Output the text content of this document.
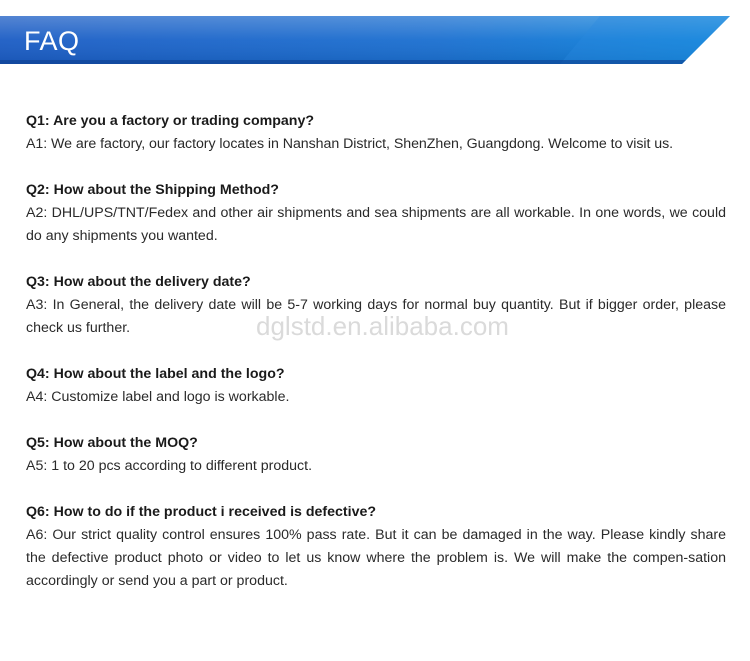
FAQ
Q1: Are you a factory or trading company?
A1: We are factory, our factory locates in Nanshan District, ShenZhen, Guangdong. Welcome to visit us.
Q2: How about the Shipping Method?
A2: DHL/UPS/TNT/Fedex and other air shipments and sea shipments are all workable. In one words, we could do any shipments you wanted.
Q3: How about the delivery date?
A3: In General, the delivery date will be 5-7 working days for normal buy quantity. But if bigger order, please check us further.
Q4: How about the label and the logo?
A4: Customize label and logo is workable.
Q5: How about the MOQ?
A5: 1 to 20 pcs according to different product.
Q6: How to do if the product i received is defective?
A6: Our strict quality control ensures 100% pass rate. But it can be damaged in the way. Please kindly share the defective product photo or video to let us know where the problem is. We will make the compen-sation accordingly or send you a part or product.
dglstd.en.alibaba.com
